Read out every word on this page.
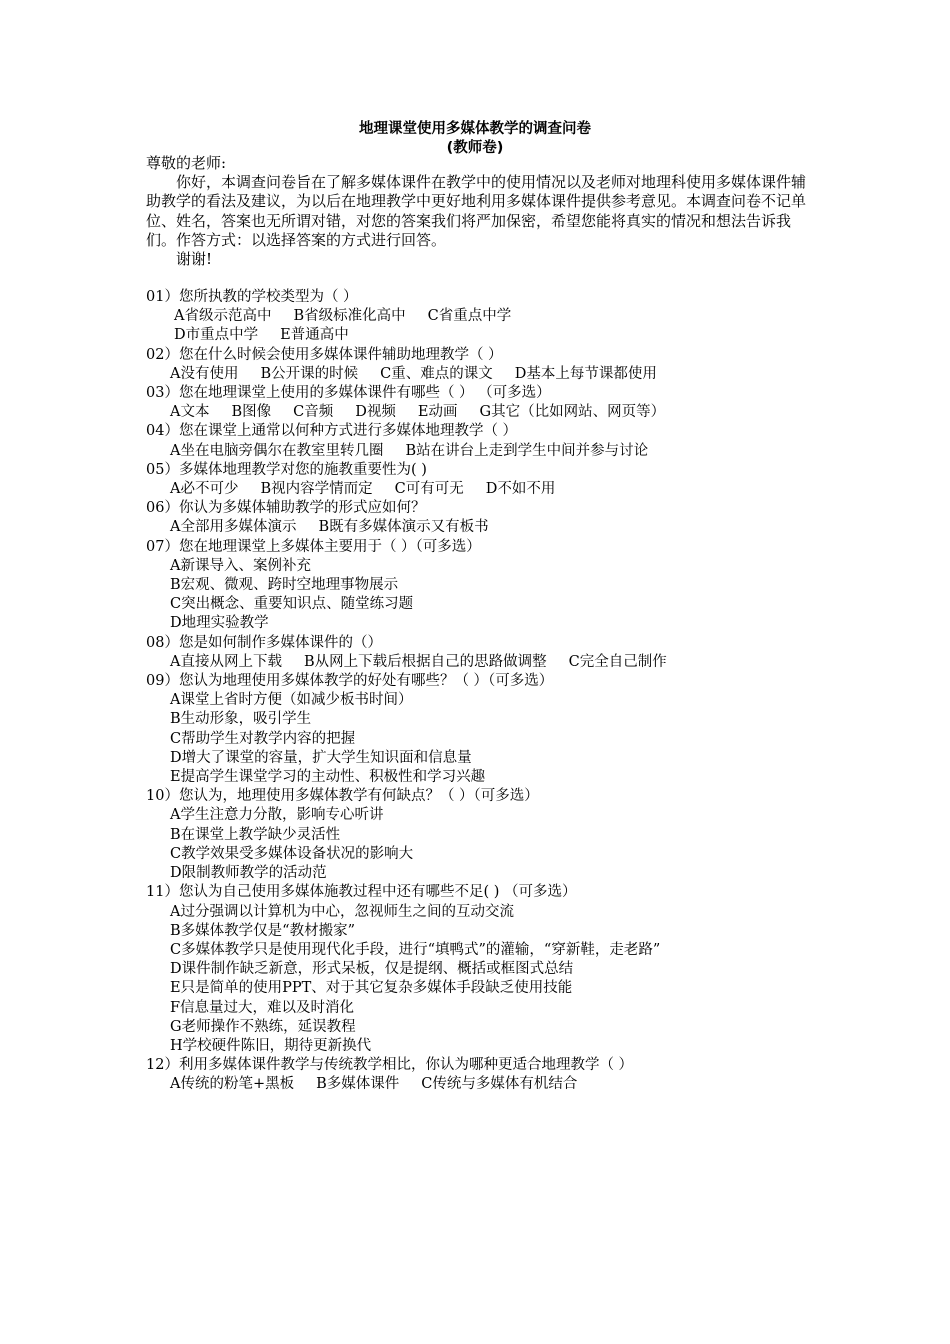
地理课堂使用多媒体教学的调查问卷
(教师卷)

尊敬的老师:

你好，本调查问卷旨在了解多媒体课件在教学中的使用情况以及老师对地理科使用多媒体课件辅助教学的看法及建议，为以后在地理教学中更好地利用多媒体课件提供参考意见。本调查问卷不记单位、姓名，答案也无所谓对错，对您的答案我们将严加保密，希望您能将真实的情况和想法告诉我们。作答方式：以选择答案的方式进行回答。

谢谢!

01）您所执教的学校类型为（ ）
A省级示范高中 B省级标准化高中 C省重点中学
D市重点中学 E普通高中
02）您在什么时候会使用多媒体课件辅助地理教学（ ）
A没有使用 B公开课的时候 C重、难点的课文 D基本上每节课都使用
03）您在地理课堂上使用的多媒体课件有哪些（ ） （可多选）
A文本 B图像 C音频 D视频 E动画 G其它（比如网站、网页等）
04）您在课堂上通常以何种方式进行多媒体地理教学（ ）
A坐在电脑旁偶尔在教室里转几圈 B站在讲台上走到学生中间并参与讨论
05）多媒体地理教学对您的施教重要性为( )
A必不可少 B视内容学情而定 C可有可无 D不如不用
06）你认为多媒体辅助教学的形式应如何？
A全部用多媒体演示 B既有多媒体演示又有板书
07）您在地理课堂上多媒体主要用于（ ）（可多选）
A新课导入、案例补充
B宏观、微观、跨时空地理事物展示
C突出概念、重要知识点、随堂练习题
D地理实验教学
08）您是如何制作多媒体课件的（）
A直接从网上下载 B从网上下载后根据自己的思路做调整 C完全自己制作
09）您认为地理使用多媒体教学的好处有哪些？（ ）（可多选）
A课堂上省时方便（如减少板书时间）
B生动形象，吸引学生
C帮助学生对教学内容的把握
D增大了课堂的容量，扩大学生知识面和信息量
E提高学生课堂学习的主动性、积极性和学习兴趣
10）您认为，地理使用多媒体教学有何缺点？（ ）（可多选）
A学生注意力分散，影响专心听讲
B在课堂上教学缺少灵活性
C教学效果受多媒体设备状况的影响大
D限制教师教学的活动范
11）您认为自己使用多媒体施教过程中还有哪些不足( ) （可多选）
A过分强调以计算机为中心，忽视师生之间的互动交流
B多媒体教学仅是“教材搬家”
C多媒体教学只是使用现代化手段，进行“填鸭式”的灌输，“穿新鞋，走老路”
D课件制作缺乏新意，形式呆板，仅是提纲、概括或框图式总结
E只是简单的使用PPT、对于其它复杂多媒体手段缺乏使用技能
F信息量过大，难以及时消化
G老师操作不熟练，延误教程
H学校硬件陈旧，期待更新换代
12）利用多媒体课件教学与传统教学相比，你认为哪种更适合地理教学（ ）
A传统的粉笔+黑板 B多媒体课件 C传统与多媒体有机结合
